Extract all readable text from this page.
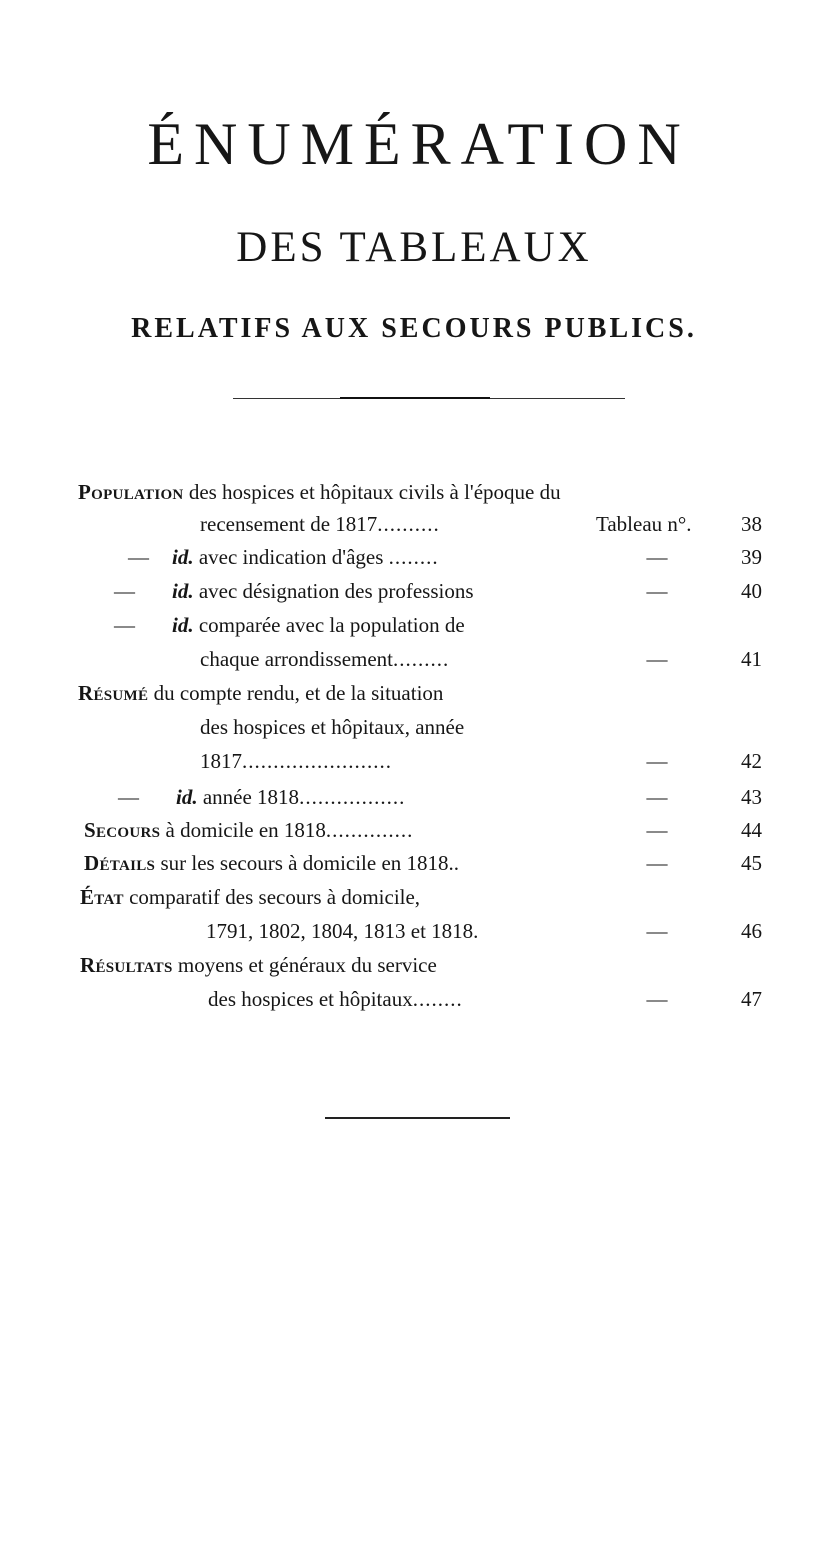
ÉNUMÉRATION
DES TABLEAUX
RELATIFS AUX SECOURS PUBLICS.
Population des hospices et hôpitaux civils à l'époque du
recensement de 1817..........	Tableau n°.	38
— id. avec indication d'âges ........	—	39
— id. avec désignation des professions	—	40
— id. comparée avec la population de
chaque arrondissement.........	—	41
Résumé du compte rendu, et de la situation
des hospices et hôpitaux, année
1817........................	—	42
— id. année 1818.................	—	43
Secours à domicile en 1818..............	—	44
Détails sur les secours à domicile en 1818..	—	45
État comparatif des secours à domicile,
1791, 1802, 1804, 1813 et 1818.	—	46
Résultats moyens et généraux du service
des hospices et hôpitaux........	—	47
